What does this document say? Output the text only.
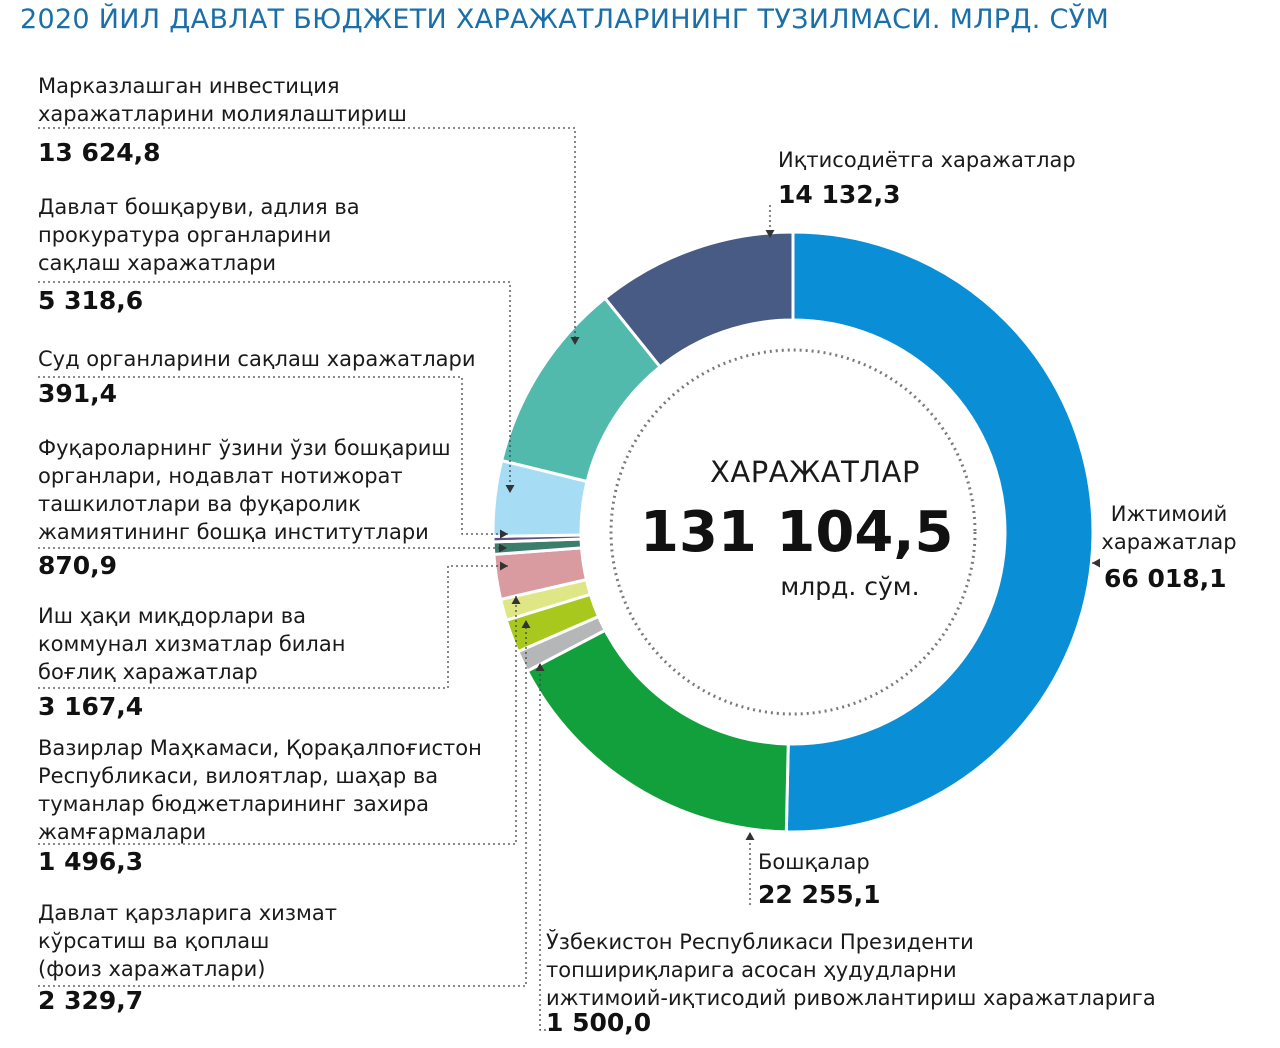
2020 ЙИЛ ДАВЛАТ БЮДЖЕТИ ХАРАЖАТЛАРИНИНГ ТУЗИЛМАСИ. МЛРД. СЎМ
Марказлашган инвестиция
харажатларини молиялаштириш
13 624,8
Давлат бошқаруви, адлия ва
прокуратура органларини
сақлаш харажатлари
5 318,6
Суд органларини сақлаш харажатлари
391,4
Фуқароларнинг ўзини ўзи бошқариш
органлари, нодавлат нотижорат
ташкилотлари ва фуқаролик
жамиятининг бошқа институтлари
870,9
Иш ҳақи миқдорлари ва
коммунал хизматлар билан
боғлиқ харажатлар
3 167,4
Вазирлар Маҳкамаси, Қорақалпоғистон
Республикаси, вилоятлар, шаҳар ва
туманлар бюджетларининг захира
жамғармалари
1 496,3
Давлат қарзларига хизмат
кўрсатиш ва қоплаш
(фоиз харажатлари)
2 329,7
Ўзбекистон Республикаси Президенти
топшириқларига асосан ҳудудларни
ижтимоий-иқтисодий ривожлантириш харажатларига
1 500,0
Иқтисодиётга харажатлар
14 132,3
Ижтимоий
харажатлар
66 018,1
Бошқалар
22 255,1
ХАРАЖАТЛАР
131 104,5
млрд. сўм.
